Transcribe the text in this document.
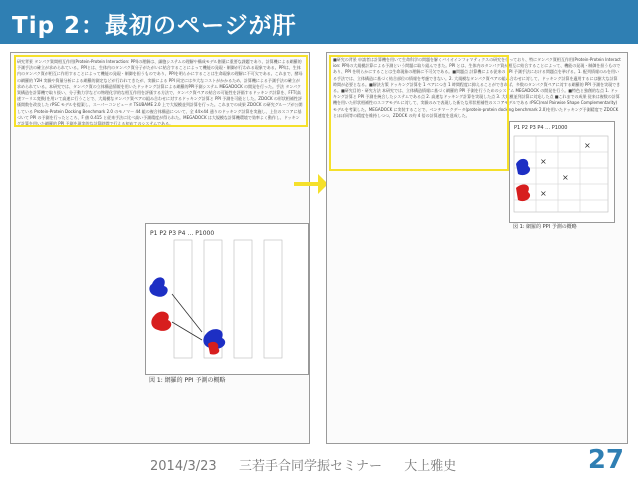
Tip 2：最初のページが肝
研究背景 タンパク質間相互作用(Protein-Protein Interaction: PPI)の理解は、細胞システムの理解や構成モデル創薬に重要な課題であり、計算機による網羅的予測手法の確立が求められている。PPIとは、生体内のタンパク質分子がたがいに結合することによって機能の発現・制御が行われる現象である。PPIは、生体内のタンパク質が相互に作用することによって機能の発現・制御を担うものであり、PPIを明らかにすることは生命現象の理解に不可欠である。これまで、酵母の網羅的 Y2H 実験や質量分析による網羅的測定などが行われてきたが、実験による PPI 同定には多大なコストがかかるため、計算機による予測手法の確立が求められている。本研究では、タンパク質の立体構造情報を用いたドッキング計算による網羅的PPI予測システム MEGADOCK の開発を行った。手法 タンパク質構造を計算機で取り扱い、分子動力学などの物理化学的な相互作用を評価する方法で、タンパク質ペアの結合の可能性を評価するドッキング計算を、FFT(高速フーリエ変換)を用いて高速に行うことで、大規模なタンパク質ペアの組み合わせに対するドッキング計算と PPI 予測を可能とした。ZDOCK の形状相補性評価関数を改良した rPSC モデルを提案し、スーパーコンピュータ TSUBAME 2.0 上で大規模並列計算を行った。これまでの成果 ZDOCK の研究グループが公開している Protein-Protein Docking Benchmark 2.0 のモノマー 44 組の複合体構造について、全 44×44 通りのドッキング計算を実施し、上位のスコアに基づいて PPI の予測を行ったところ、F 値 0.415 と従来手法に比べ高い予測精度が得られた。MEGADOCK は大規模な計算機環境で効率よく動作し、ドッキング計算を用いた網羅的 PPI 予測を現実的な計算時間で行える初めてのシステムである。
P1 P2 P3 P4 … P1000
図 1: 網羅的 PPI 予測の概略
■研究の背景 申請者は計算機を用いて生命科学の問題を解くバイオインフォマティクスの研究を行っており、特にタンパク質相互作用(Protein-Protein Interaction: PPI)の大規模計算による予測という問題に取り組んできた。PPI とは、生体内のタンパク質が相互に結合することによって、機能の発現・制御を担うものであり、PPI を明らかにすることは生命現象の理解に不可欠である。■問題点 計算機による従来の PPI 予測手法における問題点を挙げる。1. 配列情報のみを用いる手法では、立体構造に基づく結合部位の情報を考慮できない。2. 大規模なタンパク質ペアの組み合わせに対して、ドッキング計算を適用するには膨大な計算時間が必要となる。■解決方策 ドッキング計算を 1 ペアにつき 1 時間程度に抑えることができれば、多数のタンパク質ペアに対する網羅的 PPI 予測を実現できる。■研究目的・研究方法 本研究では、立体構造情報に基づく網羅的 PPI 予測を行うためのシステム MEGADOCK の開発を行う。■特色と独創的な点 1. ドッキング計算と PPI 予測を統合したシステムである点 2. 高速なドッキング計算を実現した点 3. 大規模並列計算に対応した点 ■これまでの成果 従来は複数の計算機を用いた形状相補性のスコアモデルに対して、実験のみで表現した新たな形状相補性のスコアモデルである rPSC(real Pairwise Shape Complementarity)モデルを考案した。MEGADOCK に実装することで、ベンチマークデータ(protein-protein docking benchmark 2.0)を用いたドッキング予測精度で ZDOCK とほぼ同等の精度を維持しつつ、ZDOCK の約 4 倍の計算速度を達成した。
P1 P2 P3 P4 … P1000
×
×
×
×
図 1: 網羅的 PPI 予測の概略
2014/3/23 三若手合同学振セミナー 大上雅史	27
